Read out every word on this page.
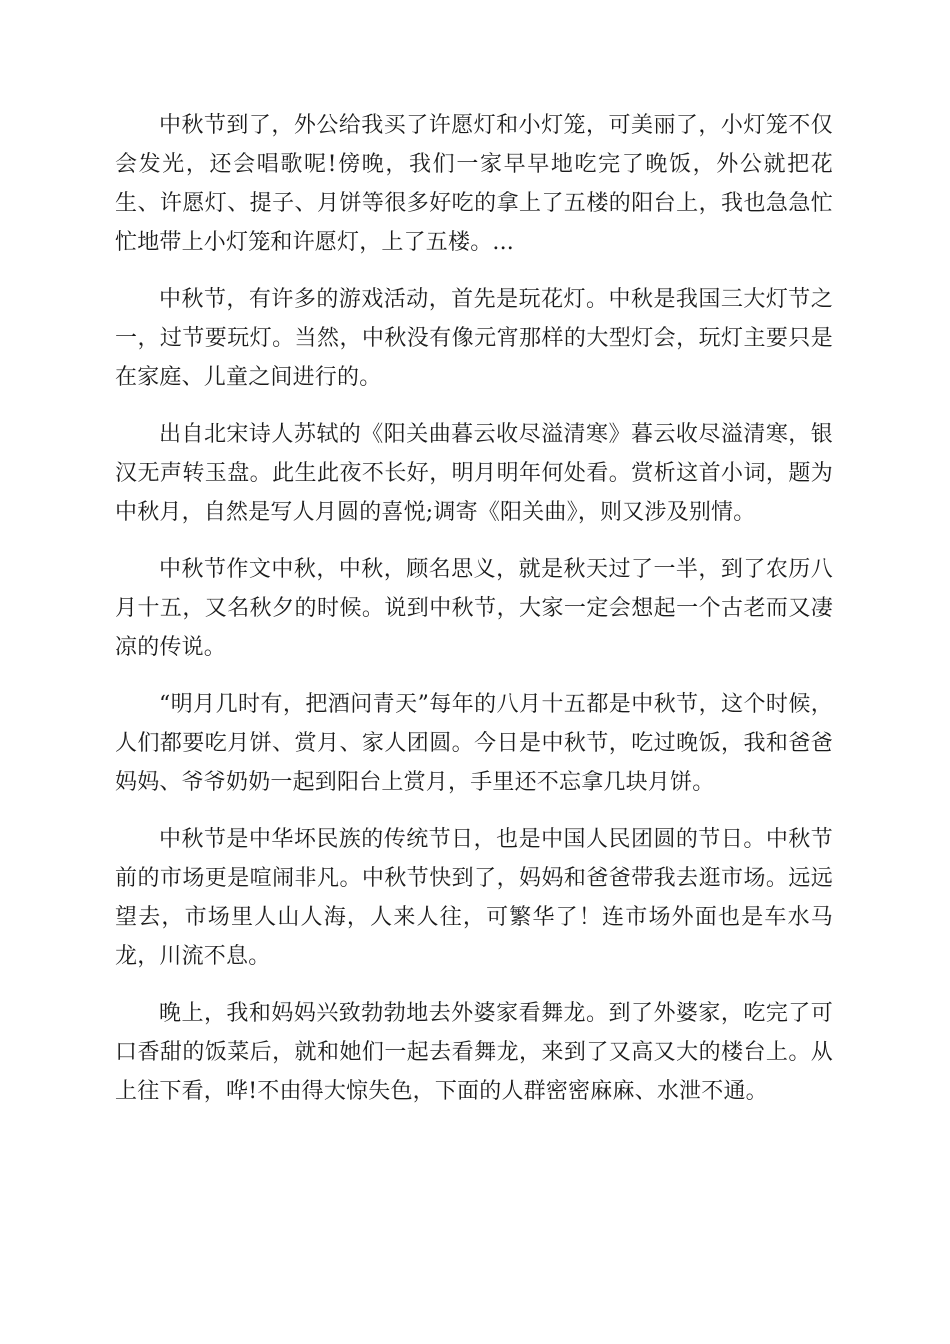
中秋节到了，外公给我买了许愿灯和小灯笼，可美丽了，小灯笼不仅会发光，还会唱歌呢!傍晚，我们一家早早地吃完了晚饭，外公就把花生、许愿灯、提子、月饼等很多好吃的拿上了五楼的阳台上，我也急急忙忙地带上小灯笼和许愿灯，上了五楼。...

中秋节，有许多的游戏活动，首先是玩花灯。中秋是我国三大灯节之一，过节要玩灯。当然，中秋没有像元宵那样的大型灯会，玩灯主要只是在家庭、儿童之间进行的。

出自北宋诗人苏轼的《阳关曲暮云收尽溢清寒》暮云收尽溢清寒，银汉无声转玉盘。此生此夜不长好，明月明年何处看。赏析这首小词，题为中秋月，自然是写人月圆的喜悦;调寄《阳关曲》，则又涉及别情。

中秋节作文中秋，中秋，顾名思义，就是秋天过了一半，到了农历八月十五，又名秋夕的时候。说到中秋节，大家一定会想起一个古老而又凄凉的传说。

“明月几时有，把酒问青天”每年的八月十五都是中秋节，这个时候，人们都要吃月饼、赏月、家人团圆。今日是中秋节，吃过晚饭，我和爸爸妈妈、爷爷奶奶一起到阳台上赏月，手里还不忘拿几块月饼。

中秋节是中华坏民族的传统节日，也是中国人民团圆的节日。中秋节前的市场更是喧闹非凡。中秋节快到了，妈妈和爸爸带我去逛市场。远远望去，市场里人山人海，人来人往，可繁华了！连市场外面也是车水马龙，川流不息。

晚上，我和妈妈兴致勃勃地去外婆家看舞龙。到了外婆家，吃完了可口香甜的饭菜后，就和她们一起去看舞龙，来到了又高又大的楼台上。从上往下看，哗!不由得大惊失色，下面的人群密密麻麻、水泄不通。
